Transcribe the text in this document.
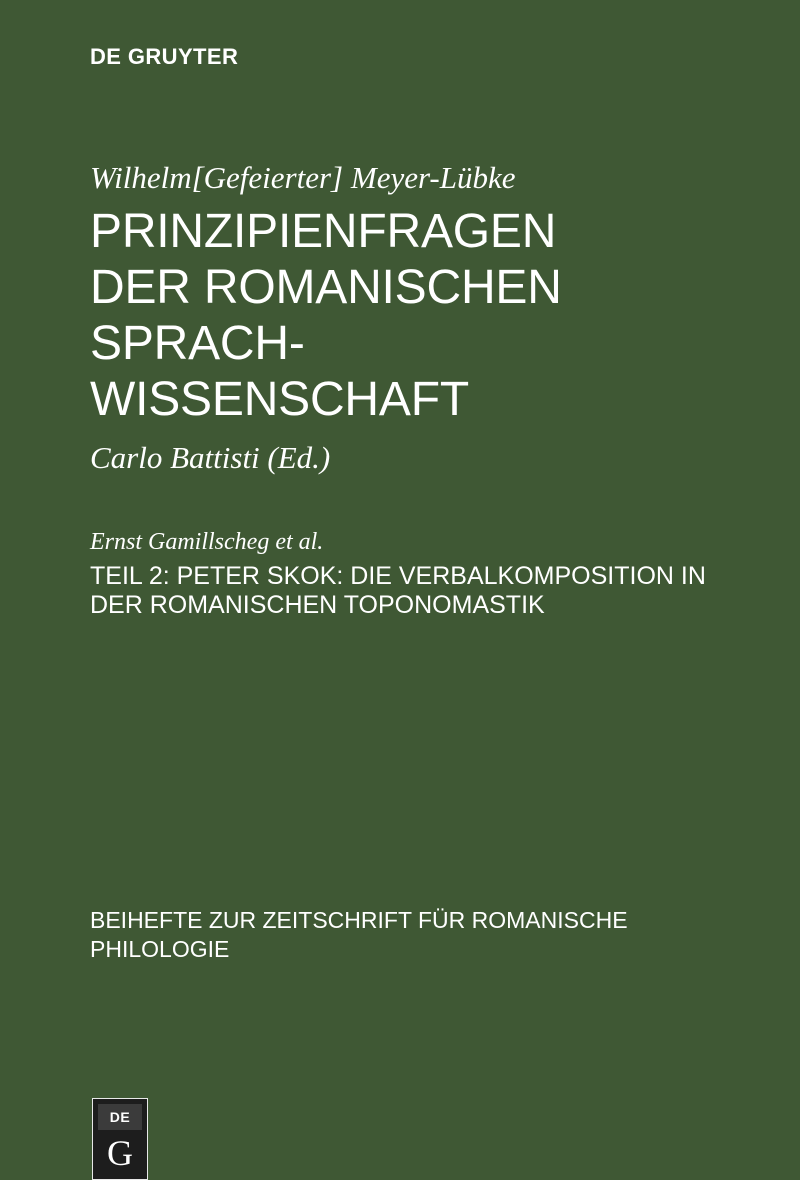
DE GRUYTER
Wilhelm[Gefeierter] Meyer-Lübke
PRINZIPIENFRAGEN
DER ROMANISCHEN
SPRACH-
WISSENSCHAFT
Carlo Battisti (Ed.)
Ernst Gamillscheg et al.
TEIL 2: PETER SKOK: DIE VERBALKOMPOSITION IN
DER ROMANISCHEN TOPONOMASTIK
BEIHEFTE ZUR ZEITSCHRIFT FÜR ROMANISCHE
PHILOLOGIE
DE
G
